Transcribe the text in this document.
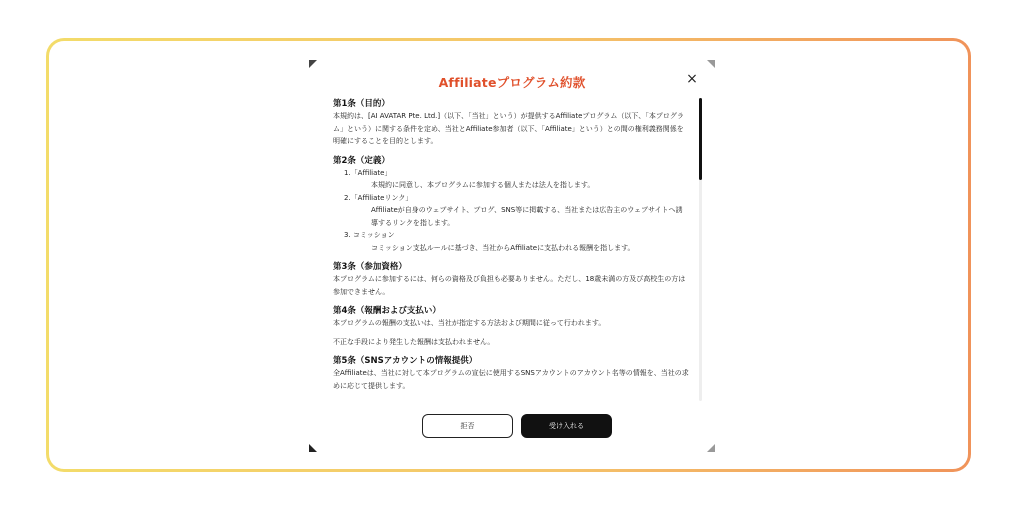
Affiliateプログラム約款	×
第1条（目的）

本規約は、[AI AVATAR Pte. Ltd.]（以下、「当社」という）が提供するAffiliateプログラム（以下、「本プログラム」という）に関する条件を定め、当社とAffiliate参加者（以下、「Affiliate」という）との間の権利義務関係を明確にすることを目的とします。

第2条（定義）

1.「Affiliate」

本規約に同意し、本プログラムに参加する個人または法人を指します。

2.「Affiliateリンク」

Affiliateが自身のウェブサイト、ブログ、SNS等に掲載する、当社または広告主のウェブサイトへ誘導するリンクを指します。

3. コミッション

コミッション支払ルールに基づき、当社からAffiliateに支払われる報酬を指します。

第3条（参加資格）

本プログラムに参加するには、何らの資格及び負担も必要ありません。ただし、18歳未満の方及び高校生の方は参加できません。

第4条（報酬および支払い）

本プログラムの報酬の支払いは、当社が指定する方法および期間に従って行われます。

不正な手段により発生した報酬は支払われません。

第5条（SNSアカウントの情報提供）

全Affiliateは、当社に対して本プログラムの宣伝に使用するSNSアカウントのアカウント名等の情報を、当社の求めに応じて提供します。

拒否	受け入れる
